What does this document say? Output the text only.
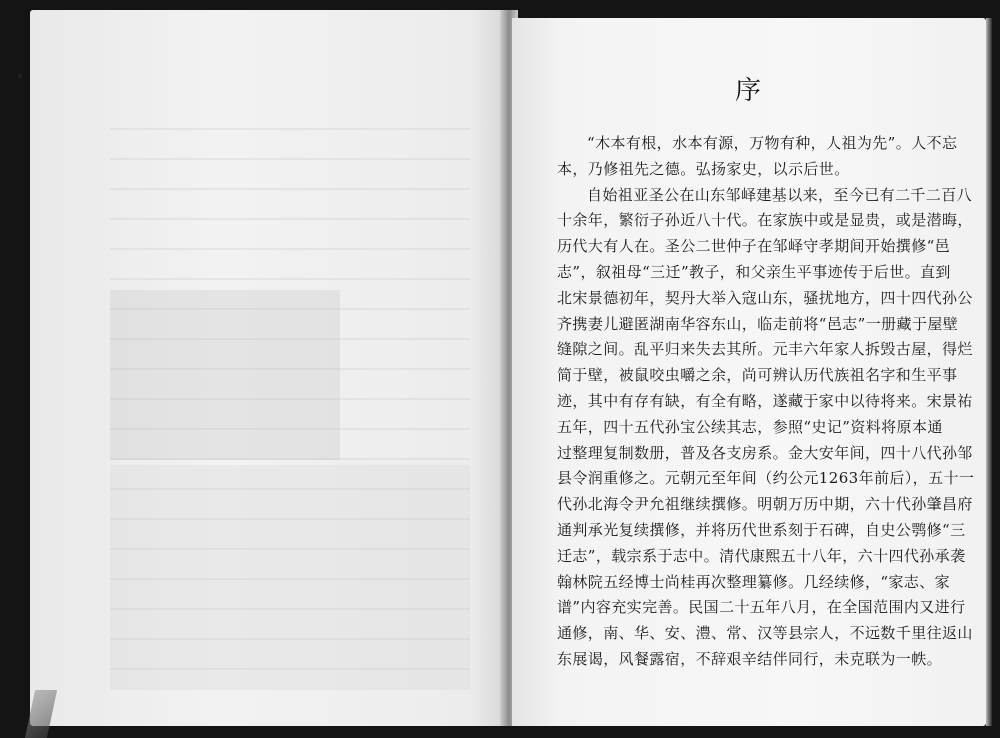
序
“木本有根，水本有源，万物有种，人祖为先”。人不忘
本，乃修祖先之德。弘扬家史，以示后世。
自始祖亚圣公在山东邹峄建基以来，至今已有二千二百八
十余年，繁衍子孙近八十代。在家族中或是显贵，或是潜晦，
历代大有人在。圣公二世仲子在邹峄守孝期间开始撰修“邑
志”，叙祖母“三迁”教子，和父亲生平事迹传于后世。直到
北宋景德初年，契丹大举入寇山东，骚扰地方，四十四代孙公
齐携妻儿避匿湖南华容东山，临走前将“邑志”一册藏于屋壁
缝隙之间。乱平归来失去其所。元丰六年家人拆毁古屋，得烂
简于壁，被鼠咬虫嚼之余，尚可辨认历代族祖名字和生平事
迹，其中有存有缺，有全有略，遂藏于家中以待将来。宋景祐
五年，四十五代孙宝公续其志，参照“史记”资料将原本通
过整理复制数册，普及各支房系。金大安年间，四十八代孙邹
县令润重修之。元朝元至年间（约公元1263年前后），五十一
代孙北海令尹允祖继续撰修。明朝万历中期，六十代孙肇昌府
通判承光复续撰修，并将历代世系刻于石碑，自史公鹗修“三
迁志”，载宗系于志中。清代康熙五十八年，六十四代孙承袭
翰林院五经博士尚桂再次整理纂修。几经续修，“家志、家
谱”内容充实完善。民国二十五年八月，在全国范围内又进行
通修，南、华、安、澧、常、汉等县宗人，不远数千里往返山
东展谒，风餐露宿，不辞艰辛结伴同行，未克联为一帙。
